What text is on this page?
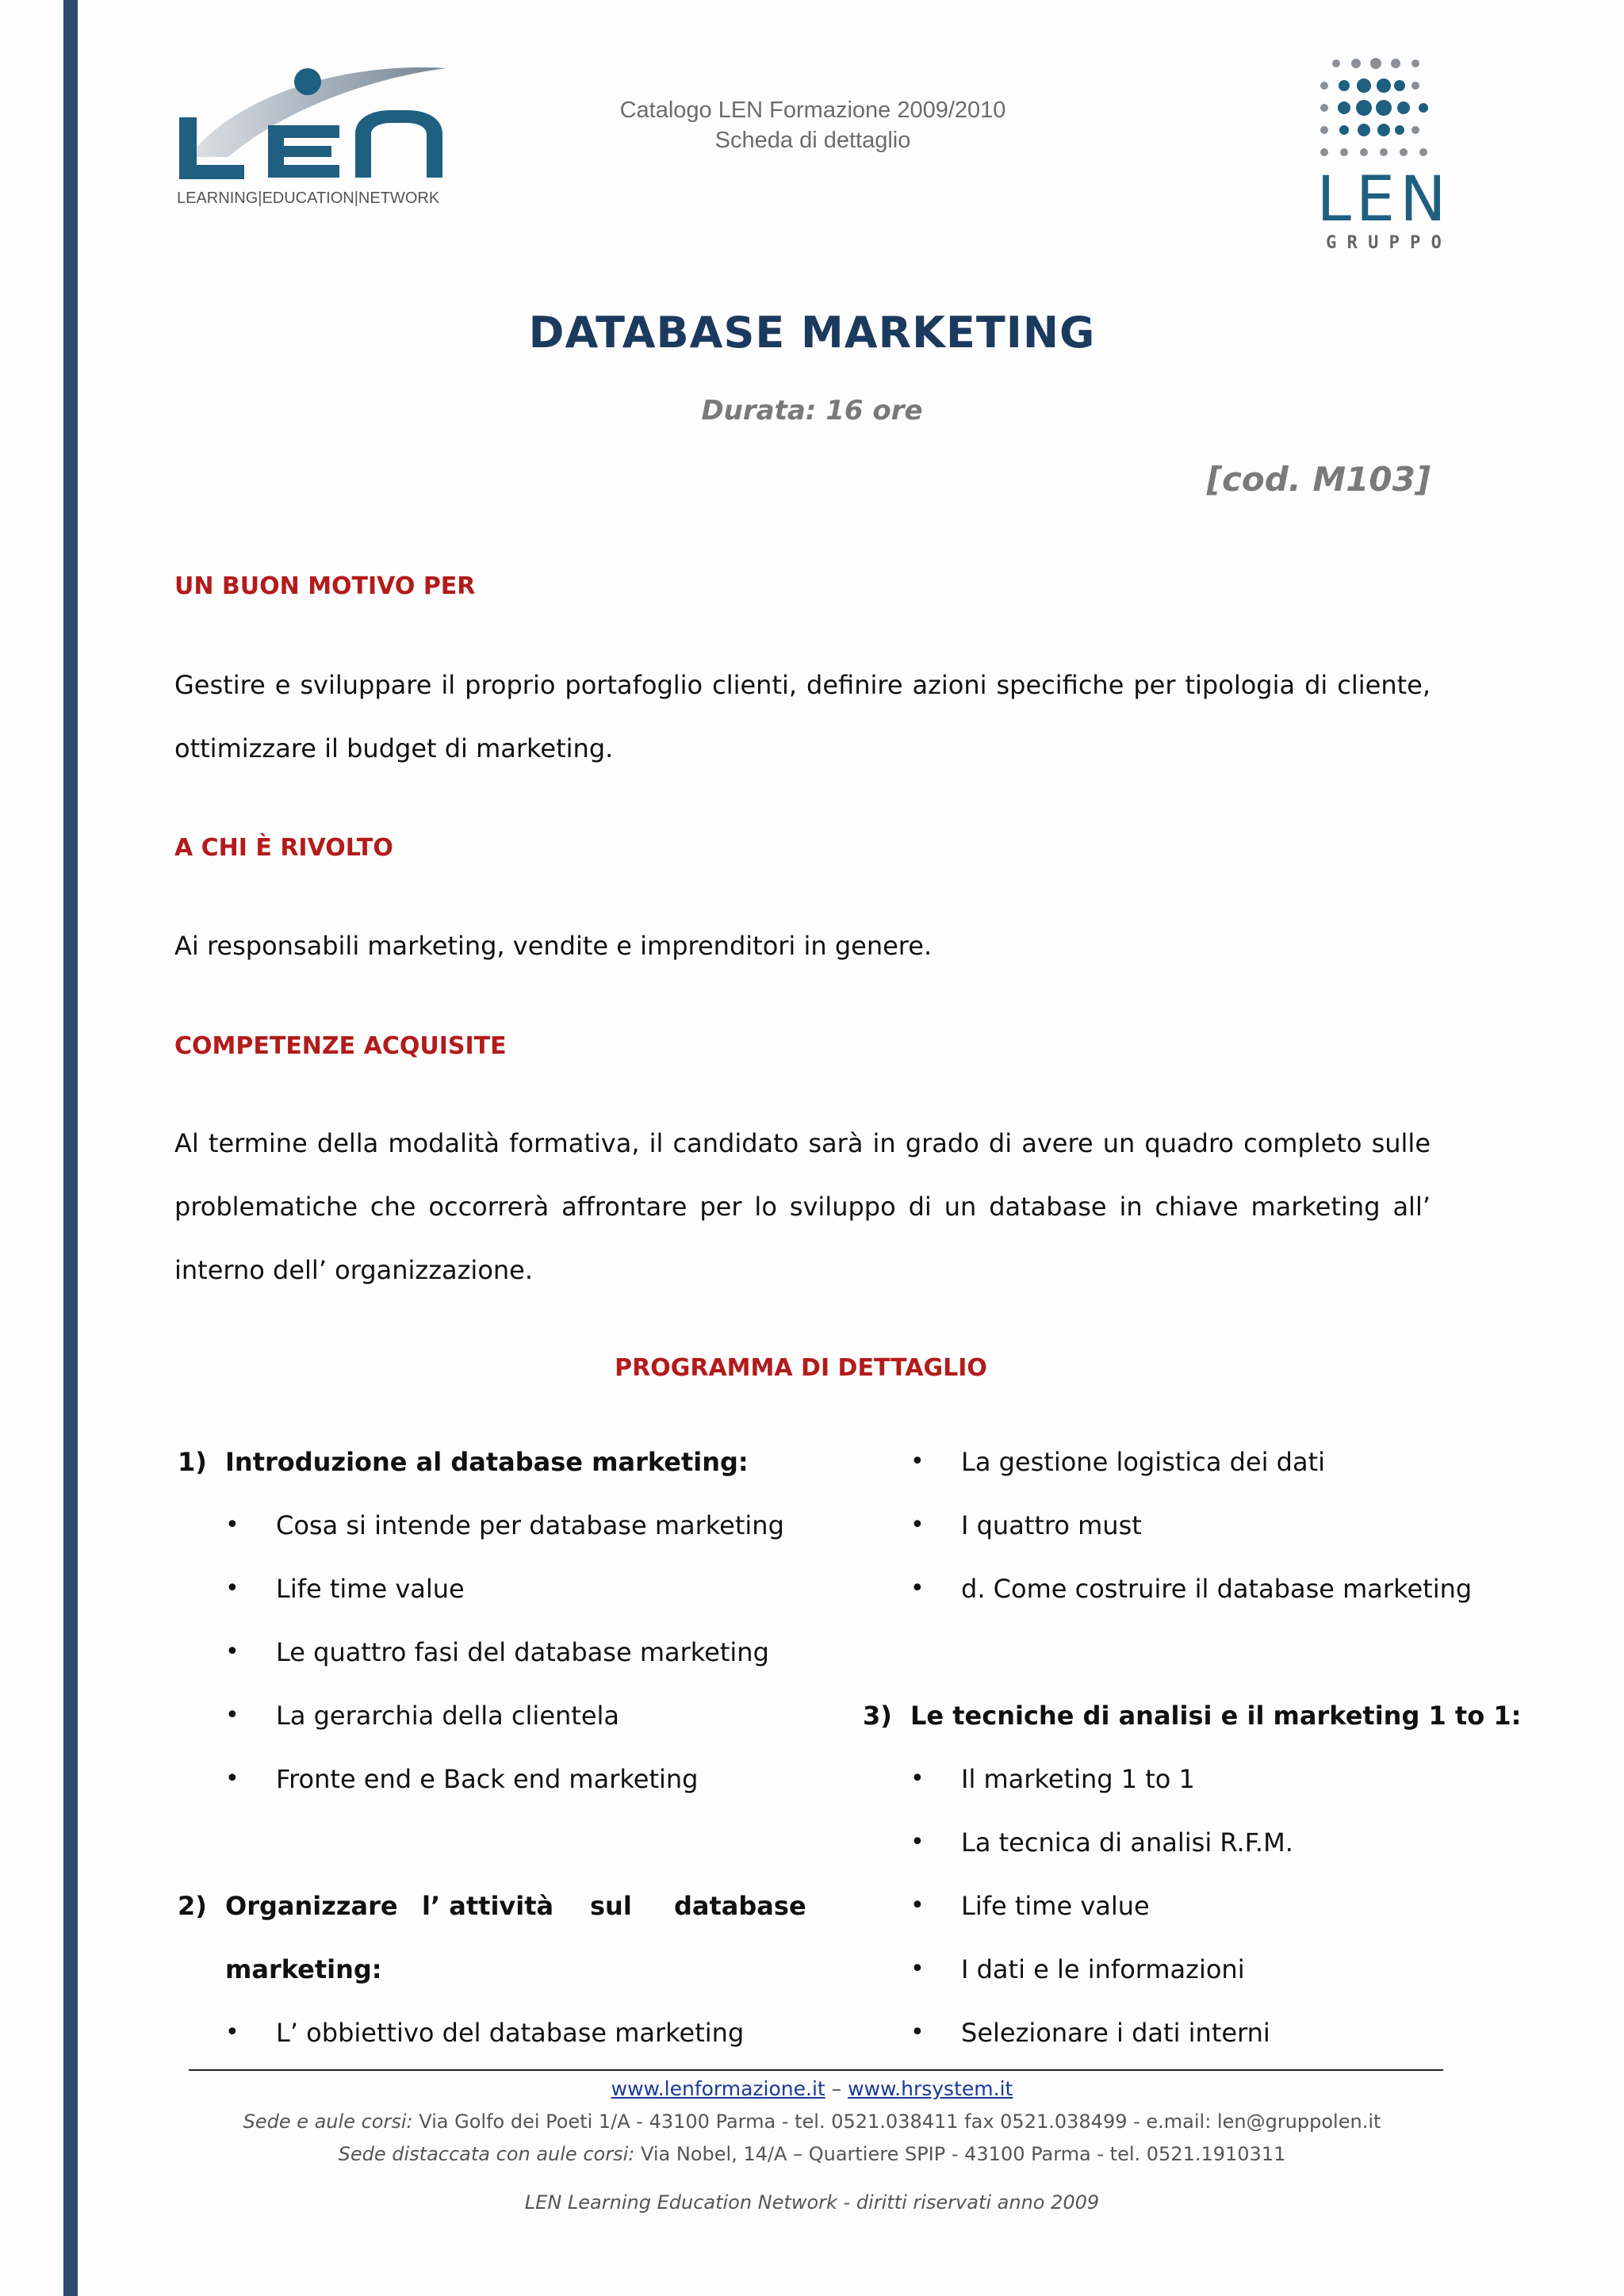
LEARNING|EDUCATION|NETWORK
Catalogo LEN Formazione 2009/2010
Scheda di dettaglio
LEN
G R U P P O
DATABASE MARKETING
Durata: 16 ore
[cod. M103]
UN BUON MOTIVO PER
Gestire e sviluppare il proprio portafoglio clienti, definire azioni specifiche per tipologia di cliente, ottimizzare il budget di marketing.
A CHI È RIVOLTO
Ai responsabili marketing, vendite e imprenditori in genere.
COMPETENZE ACQUISITE
Al termine della modalità formativa, il candidato sarà in grado di avere un quadro completo sulle problematiche che occorrerà affrontare per lo sviluppo di un database in chiave marketing all’ interno dell’ organizzazione.
PROGRAMMA DI DETTAGLIO
1) Introduzione al database marketing:
• Cosa si intende per database marketing
• Life time value
• Le quattro fasi del database marketing
• La gerarchia della clientela
• Fronte end e Back end marketing
2) Organizzare l’ attività sul database
marketing:
• L’ obbiettivo del database marketing
• La gestione logistica dei dati
• I quattro must
• d. Come costruire il database marketing
3) Le tecniche di analisi e il marketing 1 to 1:
• Il marketing 1 to 1
• La tecnica di analisi R.F.M.
• Life time value
• I dati e le informazioni
• Selezionare i dati interni
www.lenformazione.it – www.hrsystem.it
Sede e aule corsi: Via Golfo dei Poeti 1/A - 43100 Parma - tel. 0521.038411 fax 0521.038499 - e.mail: len@gruppolen.it
Sede distaccata con aule corsi: Via Nobel, 14/A – Quartiere SPIP - 43100 Parma - tel. 0521.1910311
LEN Learning Education Network - diritti riservati anno 2009
